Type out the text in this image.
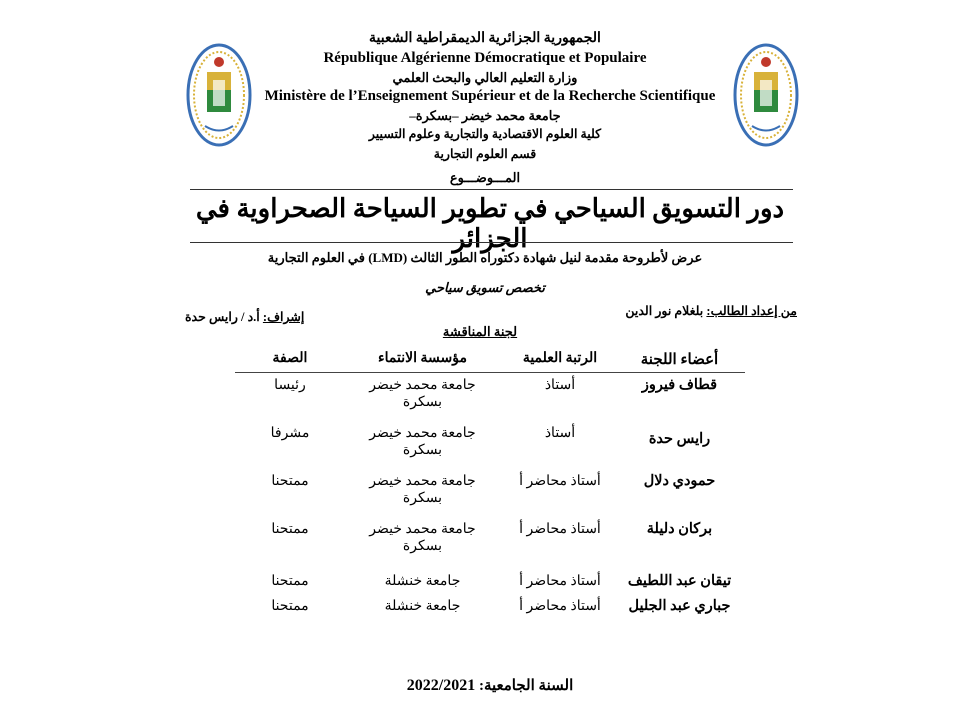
الجمهورية الجزائرية الديمقراطية الشعبية
République Algérienne Démocratique et Populaire
وزارة التعليم العالي والبحث العلمي
Ministère de l’Enseignement Supérieur et de la Recherche Scientifique
جامعة محمد خيضر –بسكرة–
كلية العلوم الاقتصادية والتجارية وعلوم التسيير
قسم العلوم التجارية
المـــوضـــوع
دور التسويق السياحي في تطوير السياحة الصحراوية في الجزائر
عرض لأطروحة مقدمة لنيل شهادة دكتوراه الطور الثالث (LMD) في العلوم التجارية
تخصص تسويق سياحي
من إعداد الطالب: بلغلام نور الدين
إشراف: أ.د / رايس حدة
لجنة المناقشة
أعضاء اللجنة
الرتبة العلمية
مؤسسة الانتماء
الصفة
قطاف فيروز
أستاذ
جامعة محمد خيضر
بسكرة
رئيسا
رايس حدة
أستاذ
جامعة محمد خيضر
بسكرة
مشرفا
حمودي دلال
أستاذ محاضر أ
جامعة محمد خيضر
بسكرة
ممتحنا
بركان دليلة
أستاذ محاضر أ
جامعة محمد خيضر
بسكرة
ممتحنا
تيقان عبد اللطيف
أستاذ محاضر أ
جامعة خنشلة
ممتحنا
جباري عبد الجليل
أستاذ محاضر أ
جامعة خنشلة
ممتحنا
السنة الجامعية: 2022/2021
